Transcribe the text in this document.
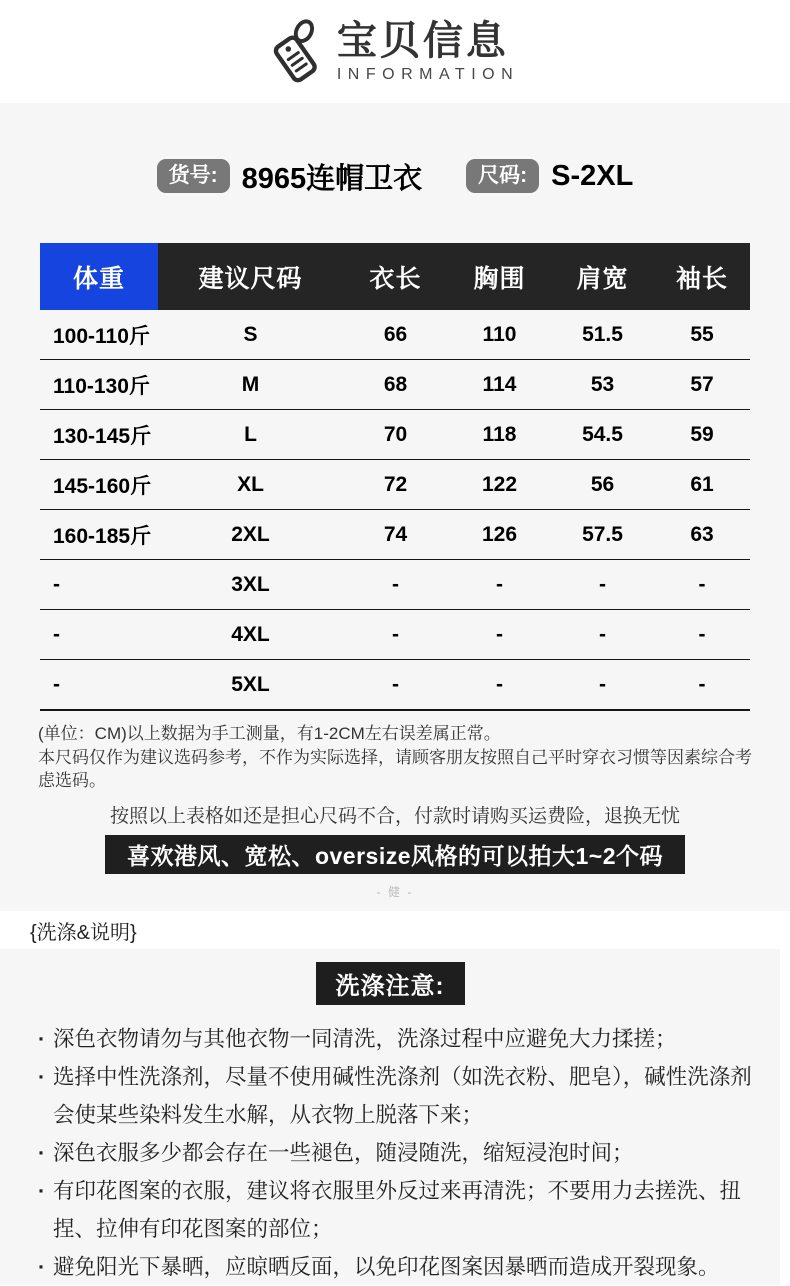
宝贝信息
INFORMATION
货号: 8965连帽卫衣	尺码: S-2XL
体重	建议尺码	衣长	胸围	肩宽	袖长
100-110斤	S	66	110	51.5	55
110-130斤	M	68	114	53	57
130-145斤	L	70	118	54.5	59
145-160斤	XL	72	122	56	61
160-185斤	2XL	74	126	57.5	63
-	3XL	-	-	-	-
-	4XL	-	-	-	-
-	5XL	-	-	-	-
(单位：CM)以上数据为手工测量，有1-2CM左右误差属正常。
本尺码仅作为建议选码参考，不作为实际选择，请顾客朋友按照自己平时穿衣习惯等因素综合考虑选码。
按照以上表格如还是担心尺码不合，付款时请购买运费险，退换无忧
喜欢港风、宽松、oversize风格的可以拍大1~2个码
- 健 -
{洗涤&说明}
洗涤注意:
· 深色衣物请勿与其他衣物一同清洗，洗涤过程中应避免大力揉搓；
· 选择中性洗涤剂，尽量不使用碱性洗涤剂（如洗衣粉、肥皂），碱性洗涤剂会使某些染料发生水解，从衣物上脱落下来；
· 深色衣服多少都会存在一些褪色，随浸随洗，缩短浸泡时间；
· 有印花图案的衣服，建议将衣服里外反过来再清洗；不要用力去搓洗、扭捏、拉伸有印花图案的部位；
· 避免阳光下暴晒，应晾晒反面，以免印花图案因暴晒而造成开裂现象。
